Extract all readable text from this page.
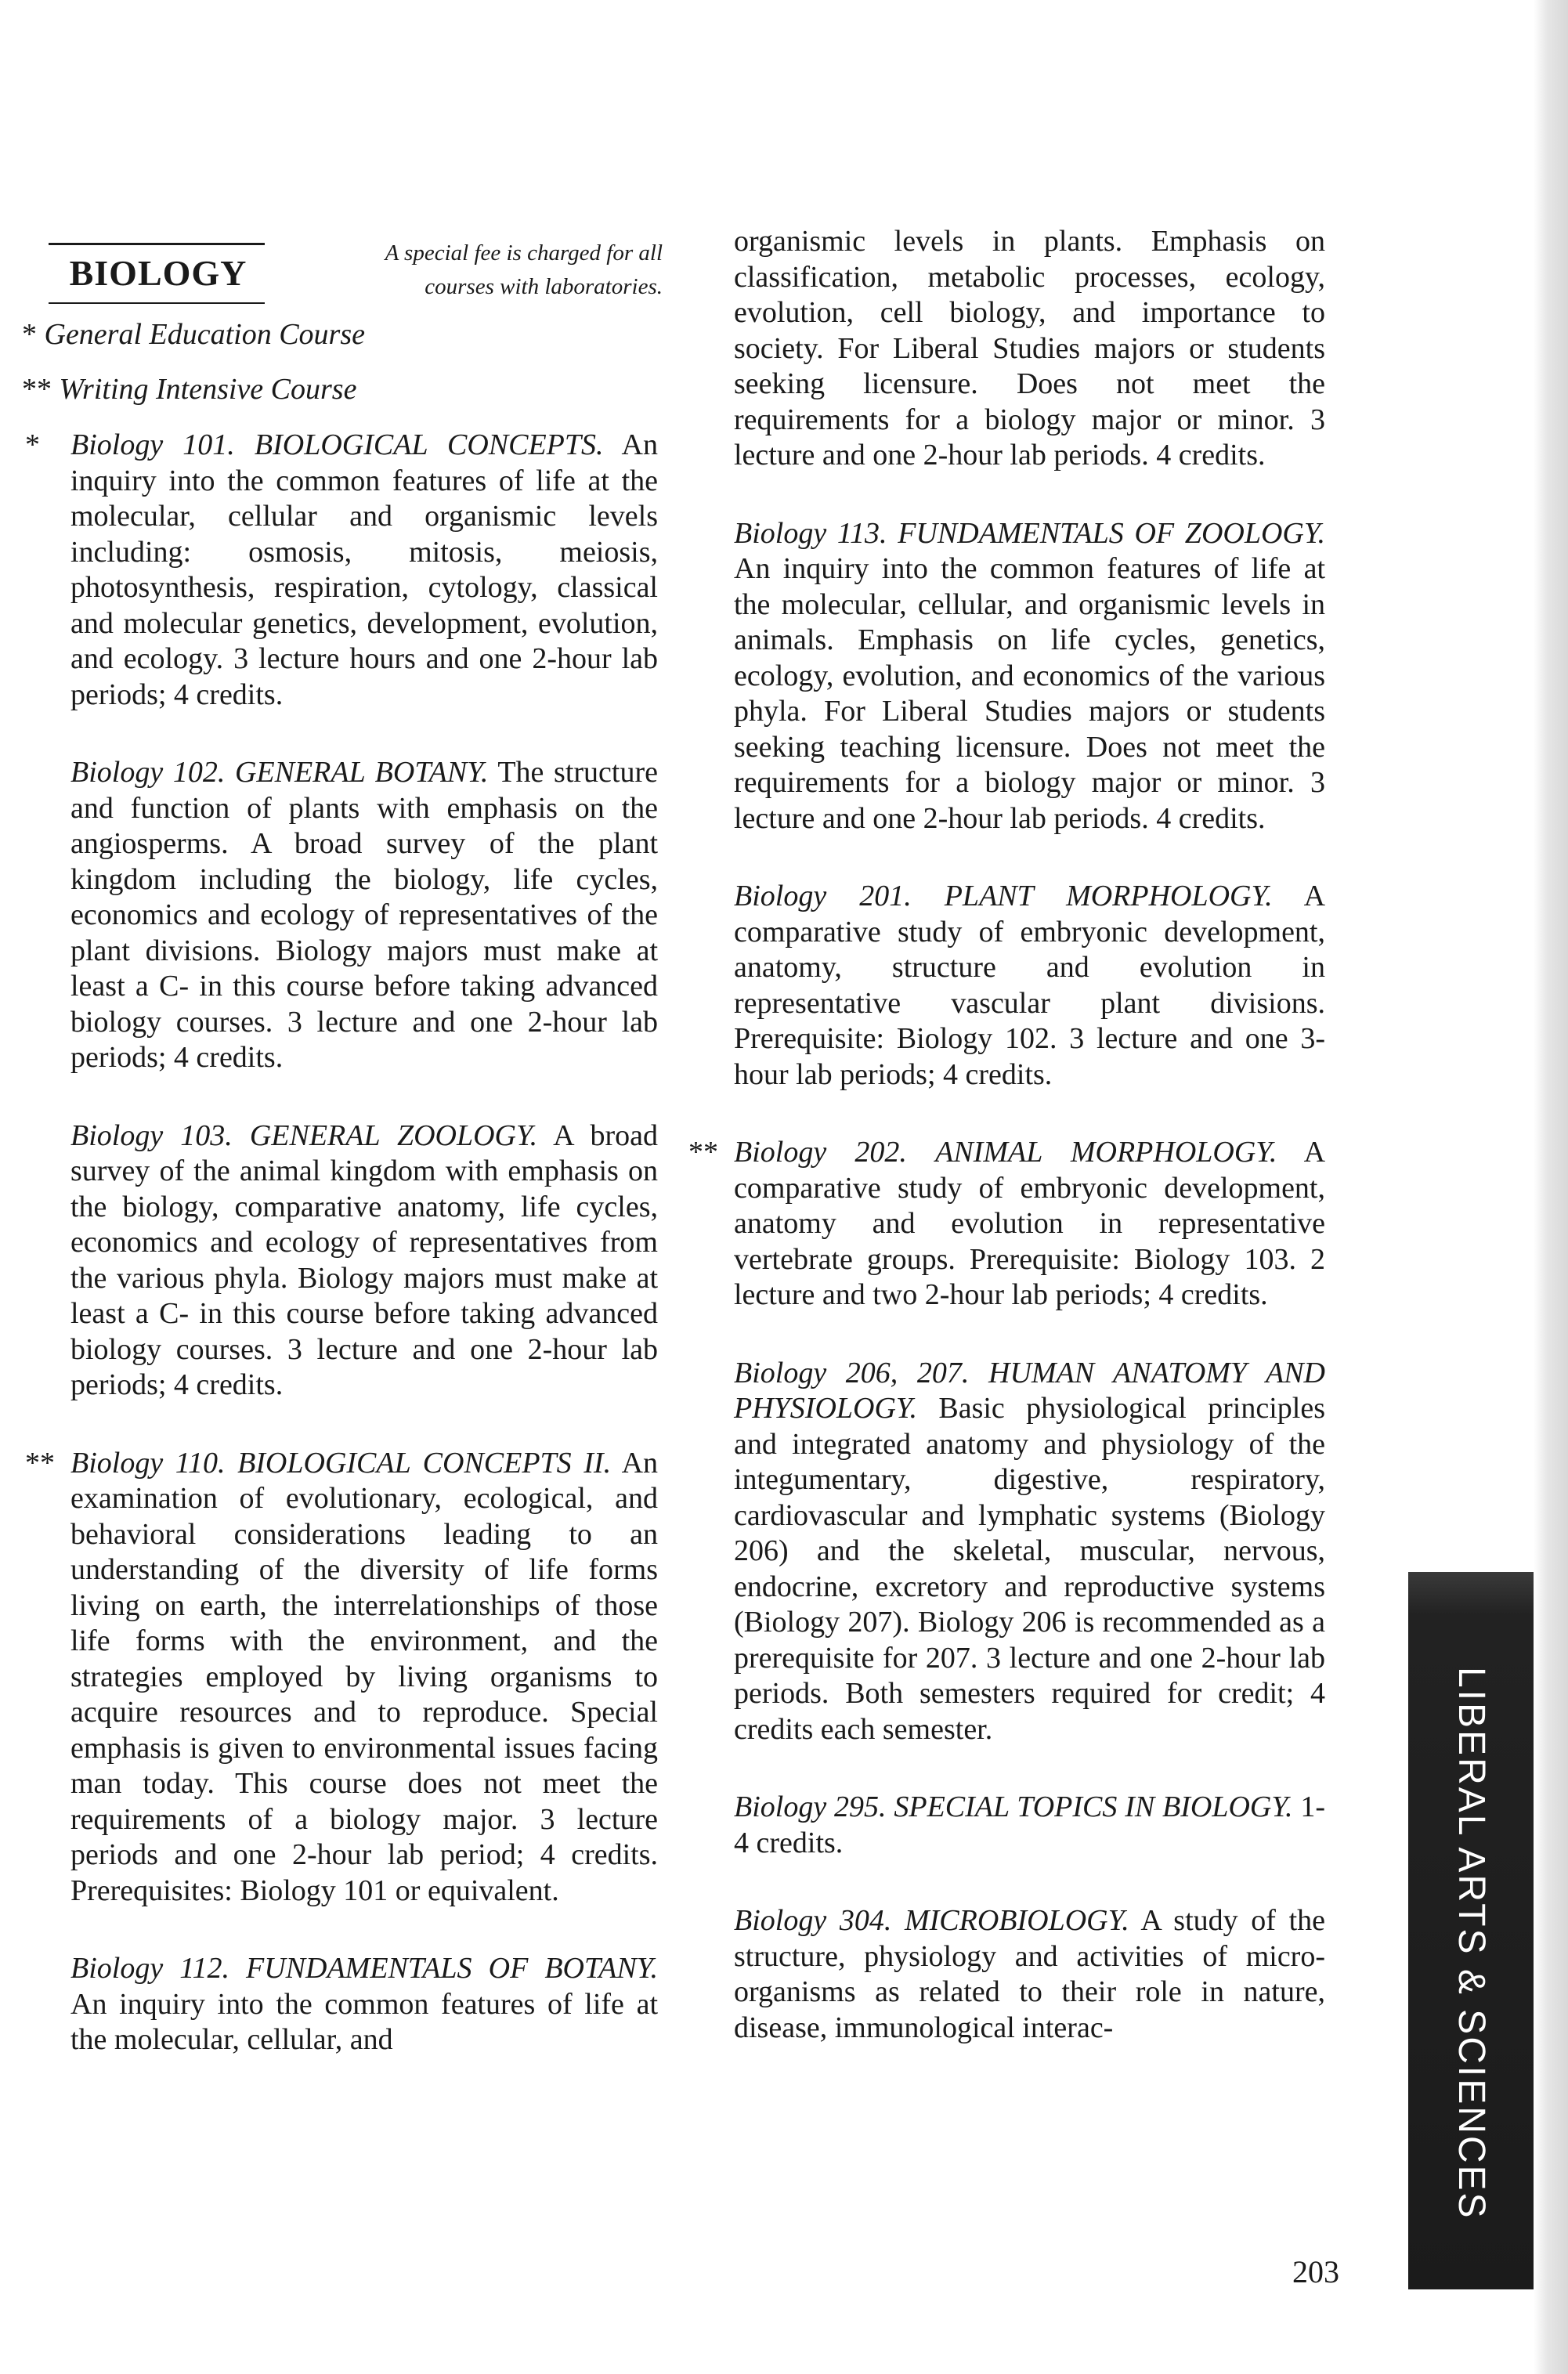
BIOLOGY	A special fee is charged for all courses with laboratories.
* General Education Course
** Writing Intensive Course
* Biology 101. BIOLOGICAL CONCEPTS. An inquiry into the common features of life at the molecular, cellular and organismic levels including: osmosis, mitosis, meiosis, photosynthesis, respiration, cytology, classical and molecular genetics, development, evolution, and ecology. 3 lecture hours and one 2-hour lab periods; 4 credits.
Biology 102. GENERAL BOTANY. The structure and function of plants with emphasis on the angiosperms. A broad survey of the plant kingdom including the biology, life cycles, economics and ecology of representatives of the plant divisions. Biology majors must make at least a C- in this course before taking advanced biology courses. 3 lecture and one 2-hour lab periods; 4 credits.
Biology 103. GENERAL ZOOLOGY. A broad survey of the animal kingdom with emphasis on the biology, comparative anatomy, life cycles, economics and ecology of representatives from the various phyla. Biology majors must make at least a C- in this course before taking advanced biology courses. 3 lecture and one 2-hour lab periods; 4 credits.
** Biology 110. BIOLOGICAL CONCEPTS II. An examination of evolutionary, ecological, and behavioral considerations leading to an understanding of the diversity of life forms living on earth, the interrelationships of those life forms with the environment, and the strategies employed by living organisms to acquire resources and to reproduce. Special emphasis is given to environmental issues facing man today. This course does not meet the requirements of a biology major. 3 lecture periods and one 2-hour lab period; 4 credits. Prerequisites: Biology 101 or equivalent.
Biology 112. FUNDAMENTALS OF BOTANY. An inquiry into the common features of life at the molecular, cellular, and
organismic levels in plants. Emphasis on classification, metabolic processes, ecology, evolution, cell biology, and importance to society. For Liberal Studies majors or students seeking licensure. Does not meet the requirements for a biology major or minor. 3 lecture and one 2-hour lab periods. 4 credits.
Biology 113. FUNDAMENTALS OF ZOOLOGY. An inquiry into the common features of life at the molecular, cellular, and organismic levels in animals. Emphasis on life cycles, genetics, ecology, evolution, and economics of the various phyla. For Liberal Studies majors or students seeking teaching licensure. Does not meet the requirements for a biology major or minor. 3 lecture and one 2-hour lab periods. 4 credits.
Biology 201. PLANT MORPHOLOGY. A comparative study of embryonic development, anatomy, structure and evolution in representative vascular plant divisions. Prerequisite: Biology 102. 3 lecture and one 3-hour lab periods; 4 credits.
** Biology 202. ANIMAL MORPHOLOGY. A comparative study of embryonic development, anatomy and evolution in representative vertebrate groups. Prerequisite: Biology 103. 2 lecture and two 2-hour lab periods; 4 credits.
Biology 206, 207. HUMAN ANATOMY AND PHYSIOLOGY. Basic physiological principles and integrated anatomy and physiology of the integumentary, digestive, respiratory, cardiovascular and lymphatic systems (Biology 206) and the skeletal, muscular, nervous, endocrine, excretory and reproductive systems (Biology 207). Biology 206 is recommended as a prerequisite for 207. 3 lecture and one 2-hour lab periods. Both semesters required for credit; 4 credits each semester.
Biology 295. SPECIAL TOPICS IN BIOLOGY. 1-4 credits.
Biology 304. MICROBIOLOGY. A study of the structure, physiology and activities of micro-organisms as related to their role in nature, disease, immunological interac-	LIBERAL ARTS & SCIENCES
203
